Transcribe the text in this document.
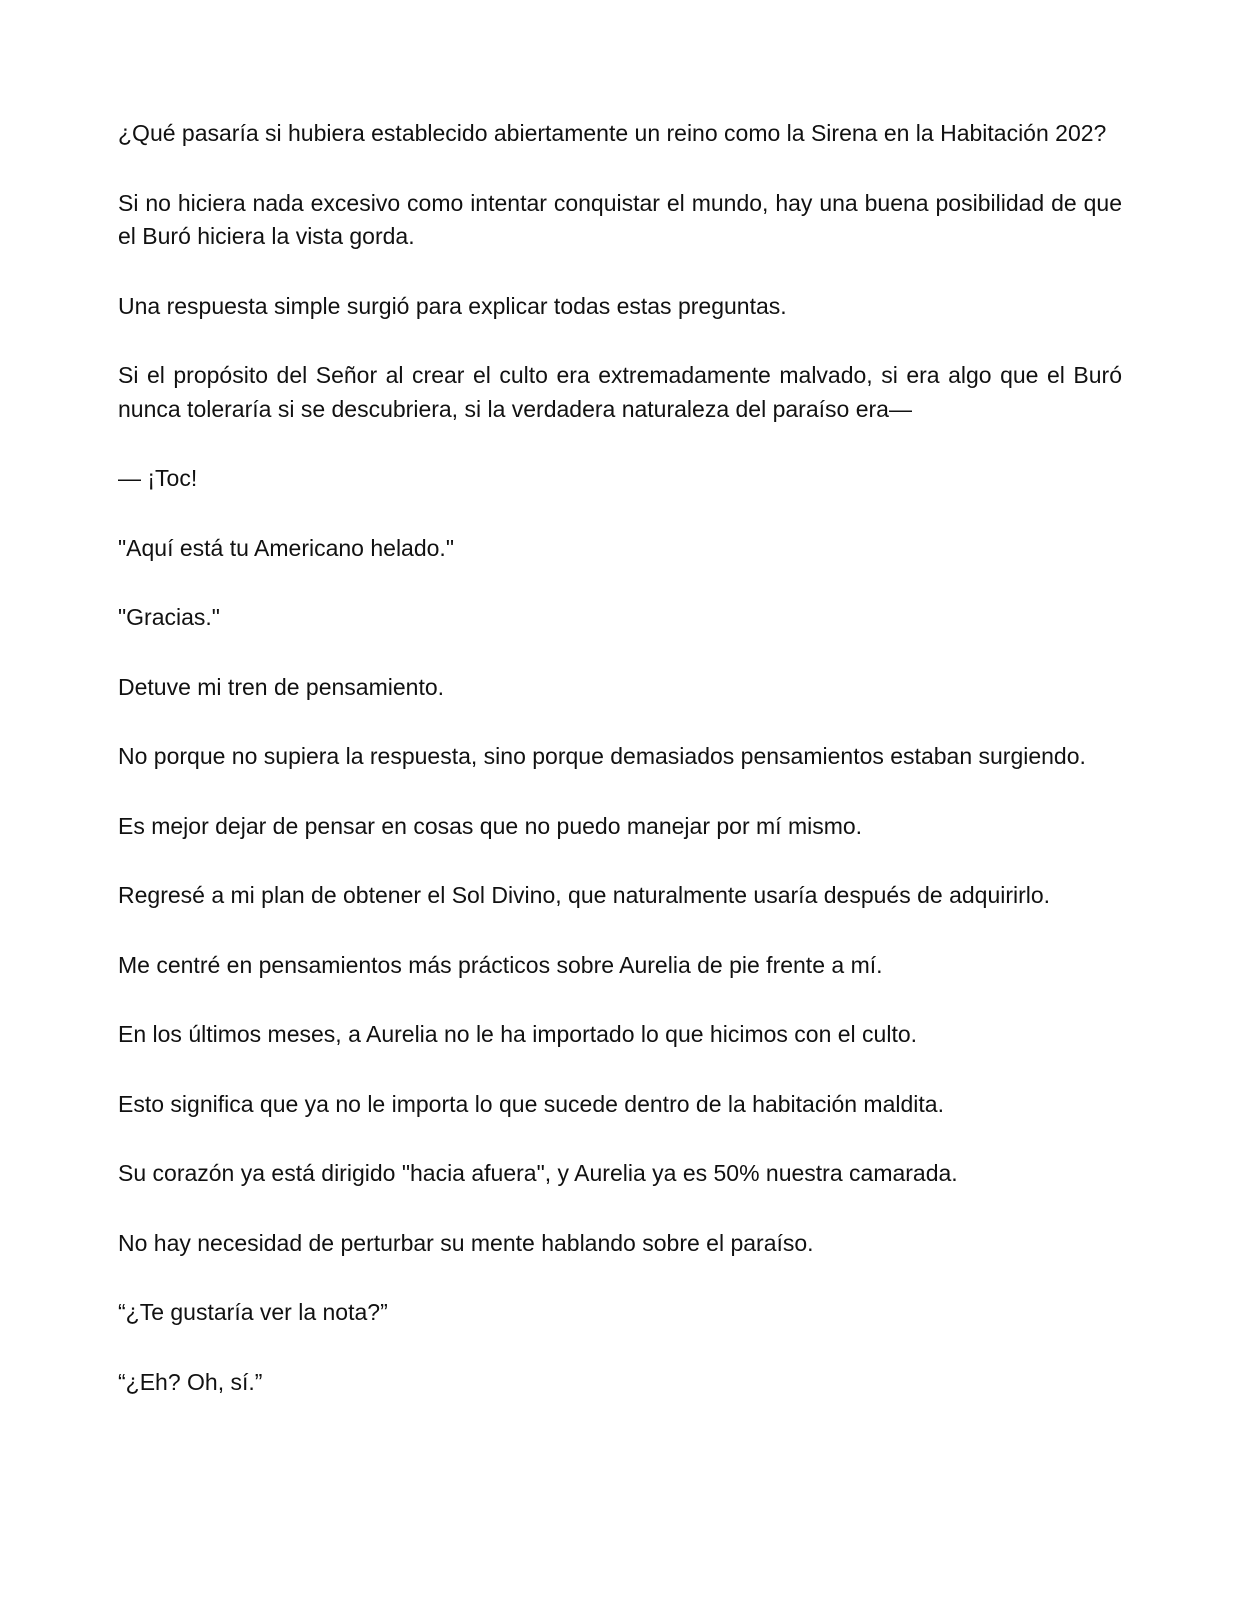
¿Qué pasaría si hubiera establecido abiertamente un reino como la Sirena en la Habitación 202?

Si no hiciera nada excesivo como intentar conquistar el mundo, hay una buena posibilidad de que el Buró hiciera la vista gorda.

Una respuesta simple surgió para explicar todas estas preguntas.

Si el propósito del Señor al crear el culto era extremadamente malvado, si era algo que el Buró nunca toleraría si se descubriera, si la verdadera naturaleza del paraíso era—

— ¡Toc!

"Aquí está tu Americano helado."

"Gracias."

Detuve mi tren de pensamiento.

No porque no supiera la respuesta, sino porque demasiados pensamientos estaban surgiendo.

Es mejor dejar de pensar en cosas que no puedo manejar por mí mismo.

Regresé a mi plan de obtener el Sol Divino, que naturalmente usaría después de adquirirlo.

Me centré en pensamientos más prácticos sobre Aurelia de pie frente a mí.

En los últimos meses, a Aurelia no le ha importado lo que hicimos con el culto.

Esto significa que ya no le importa lo que sucede dentro de la habitación maldita.

Su corazón ya está dirigido "hacia afuera", y Aurelia ya es 50% nuestra camarada.

No hay necesidad de perturbar su mente hablando sobre el paraíso.

“¿Te gustaría ver la nota?”

“¿Eh? Oh, sí.”
